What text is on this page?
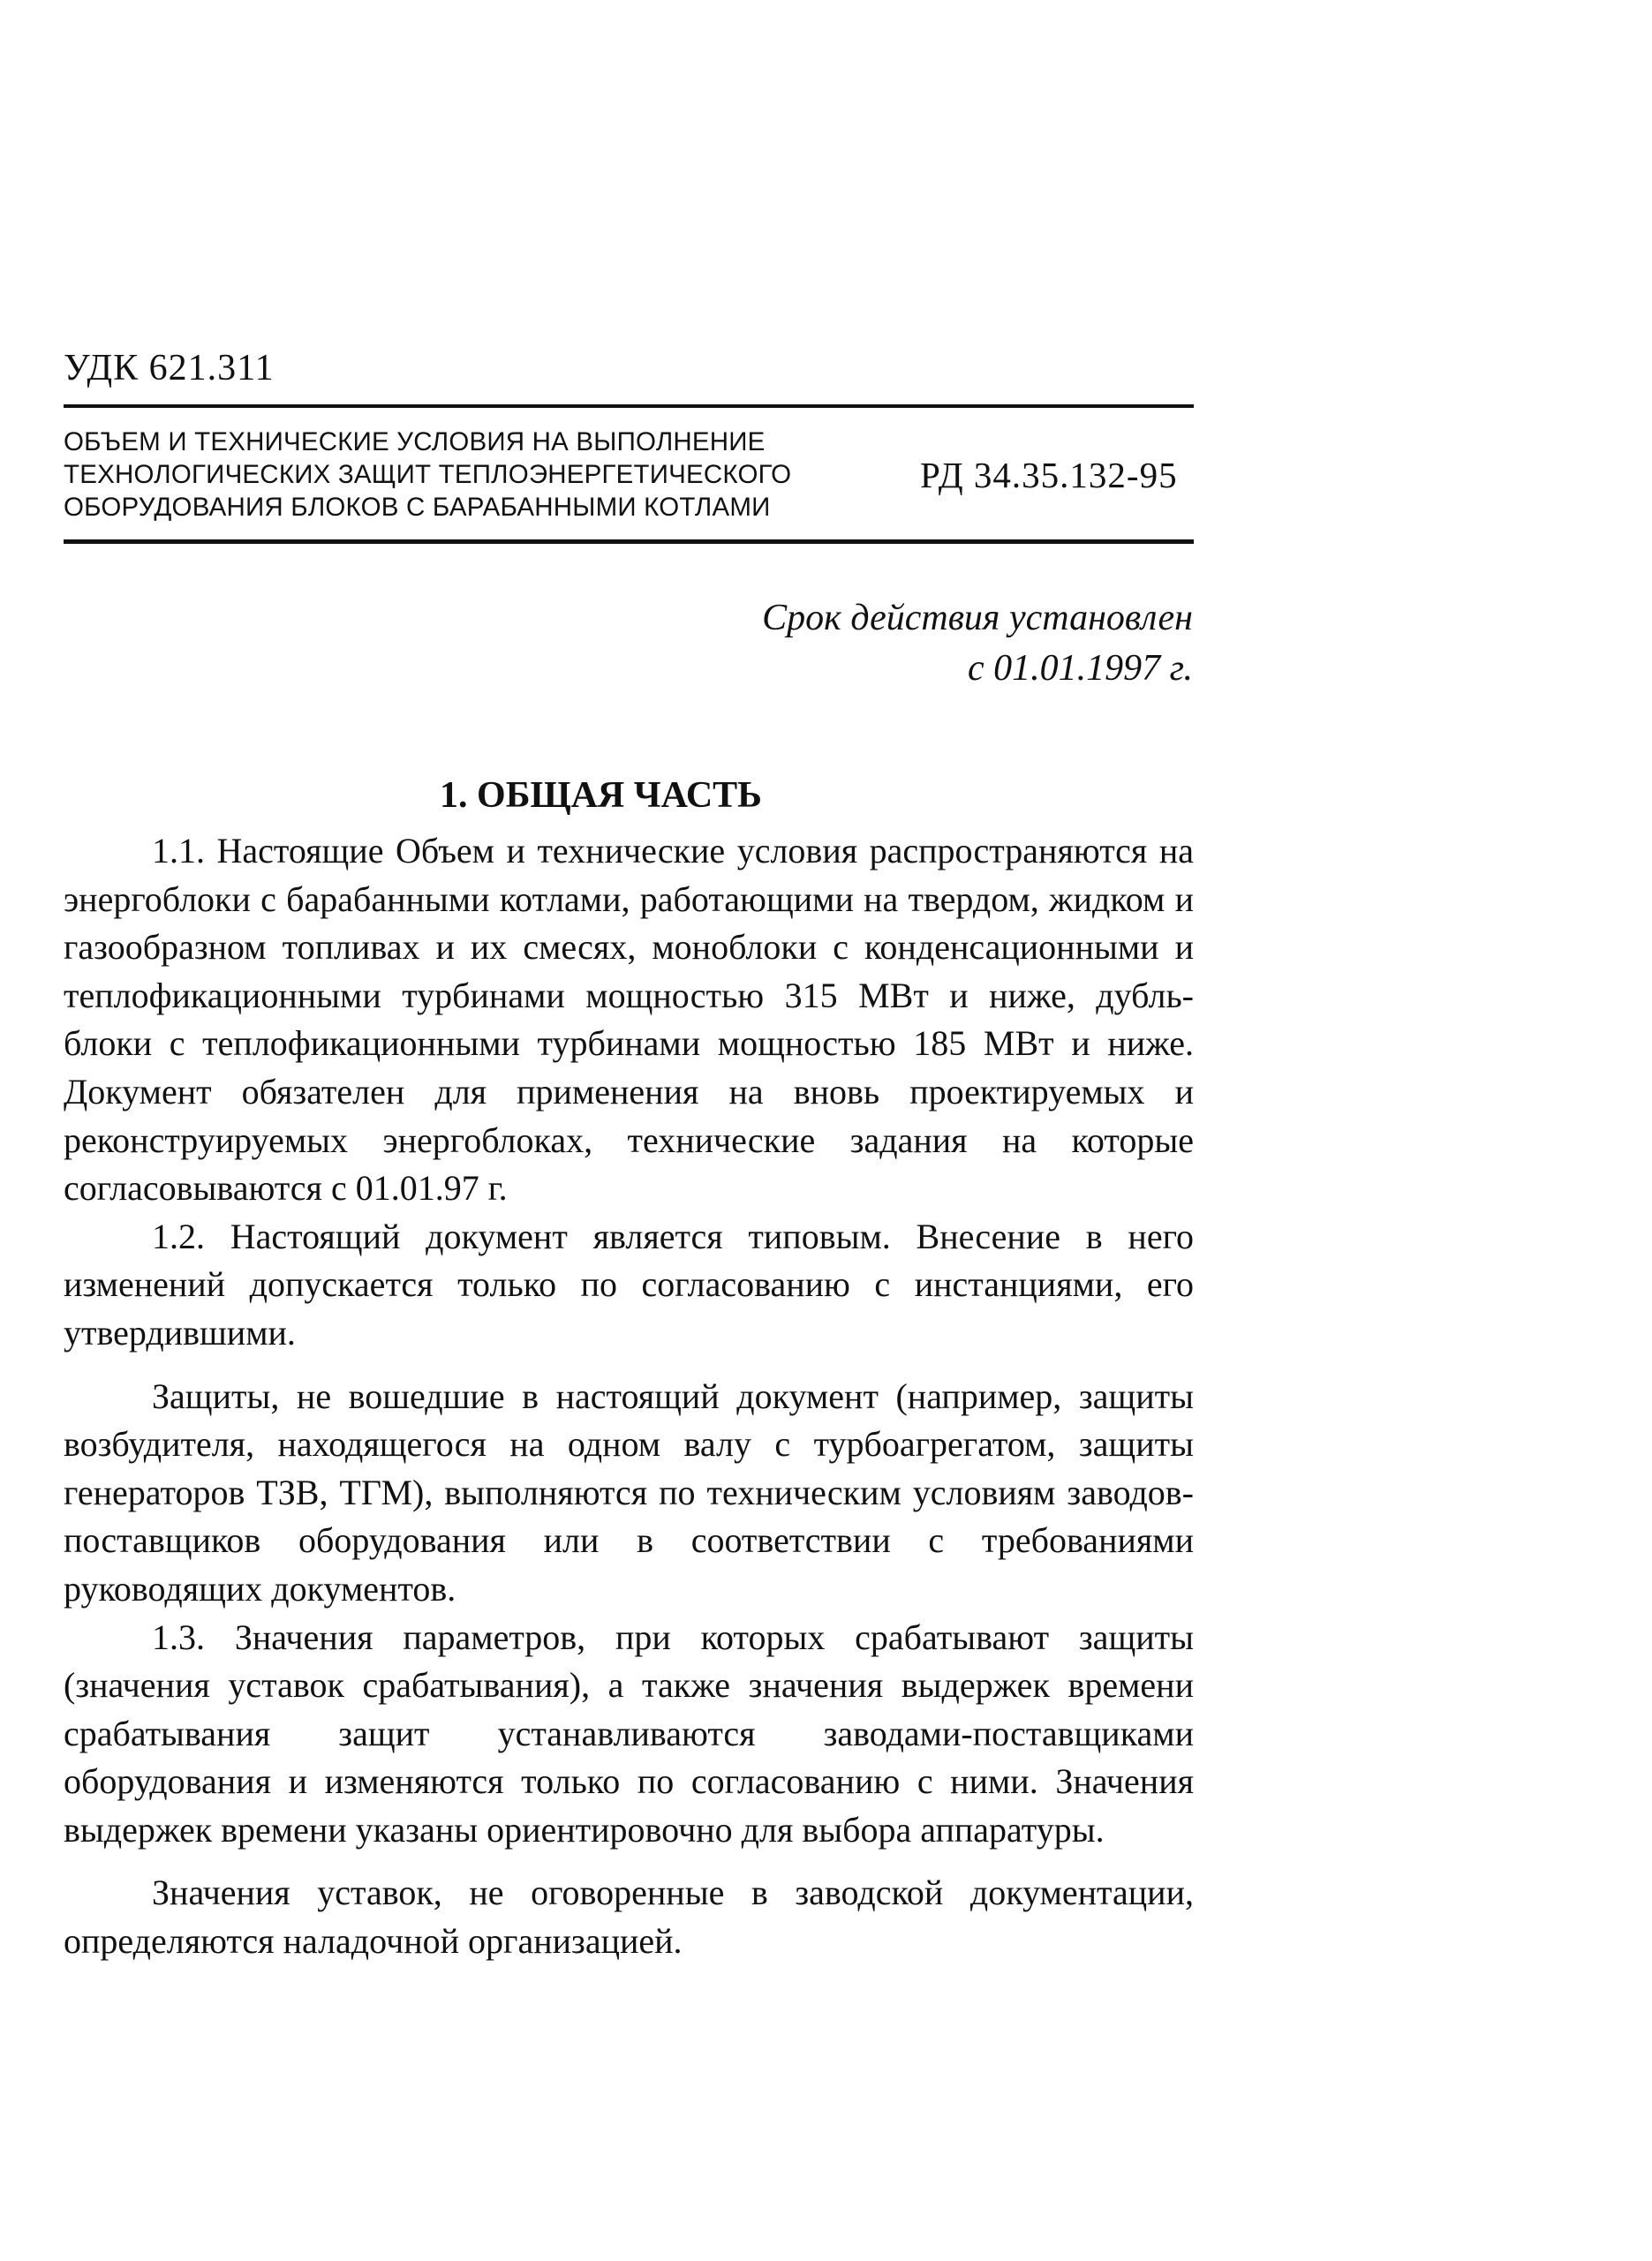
УДК 621.311
ОБЪЕМ И ТЕХНИЧЕСКИЕ УСЛОВИЯ НА ВЫПОЛНЕНИЕ
ТЕХНОЛОГИЧЕСКИХ ЗАЩИТ ТЕПЛОЭНЕРГЕТИЧЕСКОГО
ОБОРУДОВАНИЯ БЛОКОВ С БАРАБАННЫМИ КОТЛАМИ
РД 34.35.132-95
Срок действия установлен
с 01.01.1997 г.
1. ОБЩАЯ ЧАСТЬ

1.1. Настоящие Объем и технические условия распространяются на энергоблоки с барабанными котлами, работающими на твердом, жидком и газообразном топливах и их смесях, моноблоки с конденсационными и теплофикационными турбинами мощностью 315 МВт и ниже, дубль-блоки с теплофикационными турбинами мощностью 185 МВт и ниже. Документ обязателен для применения на вновь проектируемых и реконструируемых энергоблоках, технические задания на которые согласовываются с 01.01.97 г.

1.2. Настоящий документ является типовым. Внесение в него изменений допускается только по согласованию с инстанциями, его утвердившими.

Защиты, не вошедшие в настоящий документ (например, защиты возбудителя, находящегося на одном валу с турбоагрегатом, защиты генераторов ТЗВ, ТГМ), выполняются по техническим условиям заводов-поставщиков оборудования или в соответствии с требованиями руководящих документов.

1.3. Значения параметров, при которых срабатывают защиты (значения уставок срабатывания), а также значения выдержек времени срабатывания защит устанавливаются заводами-поставщиками оборудования и изменяются только по согласованию с ними. Значения выдержек времени указаны ориентировочно для выбора аппаратуры.

Значения уставок, не оговоренные в заводской документации, определяются наладочной организацией.
